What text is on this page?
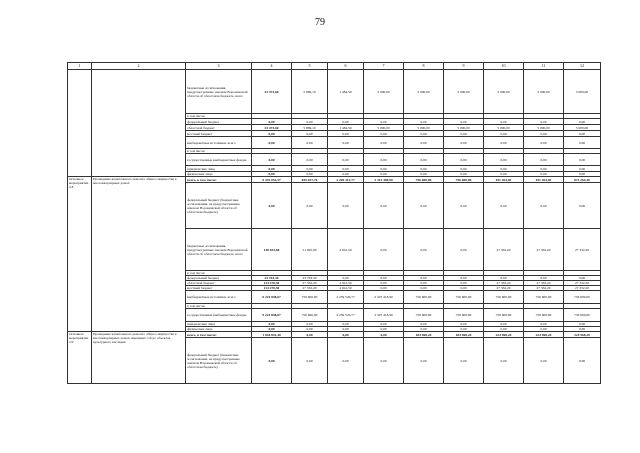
79
1	2	3	4	5	6	7	8	9	10	11	12
		бюджетные ассигнования, предусмотренные законом Воронежской области об областном бюджете, всего	33 473,60	5 989,10	1 484,50	5 000,00	5 000,00	5 000,00	5 000,00	5 000,00	5 000,00
		в том числе:									
		федеральный бюджет	0,00	0,00	0,00	0,00	0,00	0,00	0,00	0,00	0,00
		областной бюджет	33 473,60	5 989,10	1 484,50	5 000,00	5 000,00	5 000,00	5 000,00	5 000,00	5 000,00
		местный бюджет	0,00	0,00	0,00	0,00	0,00	0,00	0,00	0,00	0,00
		внебюджетные источники, всего	0,00	0,00	0,00	0,00	0,00	0,00	0,00	0,00	0,00
		в том числе:									
		государственные внебюджетные фонды	0,00	0,00	0,00	0,00	0,00	0,00	0,00	0,00	0,00
		юридические лица	0,00	0,00	0,00	0,00	0,00	0,00	0,00	0,00	0,00
		физические лица	0,00	0,00	0,00	0,00	0,00	0,00	0,00	0,00	0,00
Основное мероприятие 2.8	Проведение капитального ремонта общего имущества в многоквартирных домах	всего, в том числе:	9 476 052,57	835 027,70	2 269 412,77	2 315 400,90	756 600,00	756 600,00	811 264,40	811 264,40	811 264,40
		федеральный бюджет (бюджетные ассигнования, не предусмотренные законом Воронежской области об областном бюджете)	0,00	0,00	0,00	0,00	0,00	0,00	0,00	0,00	0,00
		бюджетные ассигнования, предусмотренные законом Воронежской области об областном бюджете, всего	138 033,60	51 095,90	4 941,50	0,00	0,00	0,00	27 332,20	27 332,20	27 332,20
		в том числе:									
		федеральный бюджет	23 763,30	23 763,30	0,00	0,00	0,00	0,00	0,00	0,00	0,00
		областной бюджет	114 270,30	27 332,20	4 941,50	0,00	0,00	0,00	27 332,20	27 332,20	27 332,20
		местный бюджет	114 270,30	27 332,20	4 941,50	0,00	0,00	0,00	27 332,20	27 332,20	27 332,20
		внебюджетные источники, всего	9 224 848,67	756 600,00	2 259 529,77	2 325 418,90	756 600,00	756 600,00	756 600,00	756 600,00	756 600,00
		в том числе:									
		государственные внебюджетные фонды	9 224 848,67	756 600,00	2 259 529,77	2 325 418,90	756 600,00	756 600,00	756 600,00	756 600,00	756 600,00
		юридические лица	0,00	0,00	0,00	0,00	0,00	0,00	0,00	0,00	0,00
		физические лица	0,00	0,00	0,00	0,00	0,00	0,00	0,00	0,00	0,00
Основное мероприятие 2.9	Проведение капитального ремонта общего имущества в многоквартирных домах, имеющих статус объектов культурного наследия	всего, в том числе:	1 044 841,40	0,00	0,00	0,00	184 968,20	184 968,20	224 968,20	224 968,20	224 968,20
		федеральный бюджет (бюджетные ассигнования, не предусмотренные законом Воронежской области об областном бюджете)	0,00	0,00	0,00	0,00	0,00	0,00	0,00	0,00	0,00
